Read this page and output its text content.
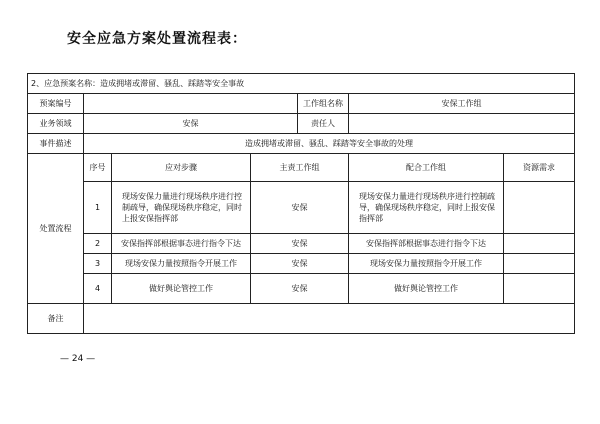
安全应急方案处置流程表：
2、应急预案名称：造成拥堵或滞留、骚乱、踩踏等安全事故						
预案编号				工作组名称	安保工作组	
业务领域	安保			责任人		
事件描述	造成拥堵或滞留、骚乱、踩踏等安全事故的处理					
处置流程	序号	应对步骤	主责工作组		配合工作组	资源需求
	1	现场安保力量进行现场秩序进行控制疏导，确保现场秩序稳定，同时上报安保指挥部	安保		现场安保力量进行现场秩序进行控制疏导，确保现场秩序稳定，同时上报安保指挥部	
	2	安保指挥部根据事态进行指令下达	安保		安保指挥部根据事态进行指令下达	
	3	现场安保力量按照指令开展工作	安保		现场安保力量按照指令开展工作	
	4	做好舆论管控工作	安保		做好舆论管控工作	
备注						
— 24 —
